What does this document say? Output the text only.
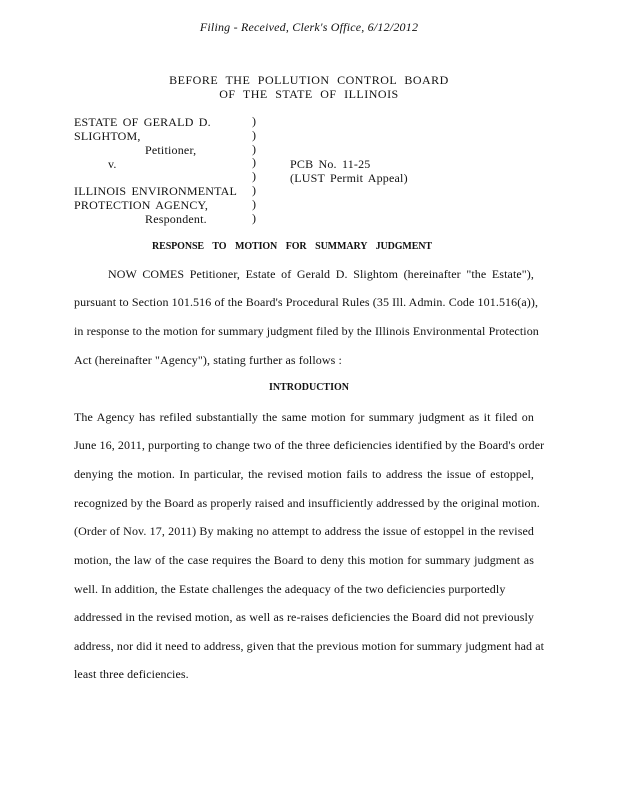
Filing - Received, Clerk's Office, 6/12/2012
BEFORE THE POLLUTION CONTROL BOARD
OF THE STATE OF ILLINOIS
ESTATE OF GERALD D.
SLIGHTOM,
Petitioner,
v.
ILLINOIS ENVIRONMENTAL
PROTECTION AGENCY,
Respondent.
)
)
)
)
)
)
)
)
PCB No. 11-25
(LUST Permit Appeal)
RESPONSE TO MOTION FOR SUMMARY JUDGMENT
NOW COMES Petitioner, Estate of Gerald D. Slightom (hereinafter "the Estate"),
pursuant to Section 101.516 of the Board's Procedural Rules (35 Ill. Admin. Code 101.516(a)),
in response to the motion for summary judgment filed by the Illinois Environmental Protection
Act (hereinafter "Agency"), stating further as follows :
INTRODUCTION
The Agency has refiled substantially the same motion for summary judgment as it filed on
June 16, 2011, purporting to change two of the three deficiencies identified by the Board's order
denying the motion. In particular, the revised motion fails to address the issue of estoppel,
recognized by the Board as properly raised and insufficiently addressed by the original motion.
(Order of Nov. 17, 2011) By making no attempt to address the issue of estoppel in the revised
motion, the law of the case requires the Board to deny this motion for summary judgment as
well. In addition, the Estate challenges the adequacy of the two deficiencies purportedly
addressed in the revised motion, as well as re-raises deficiencies the Board did not previously
address, nor did it need to address, given that the previous motion for summary judgment had at
least three deficiencies.
